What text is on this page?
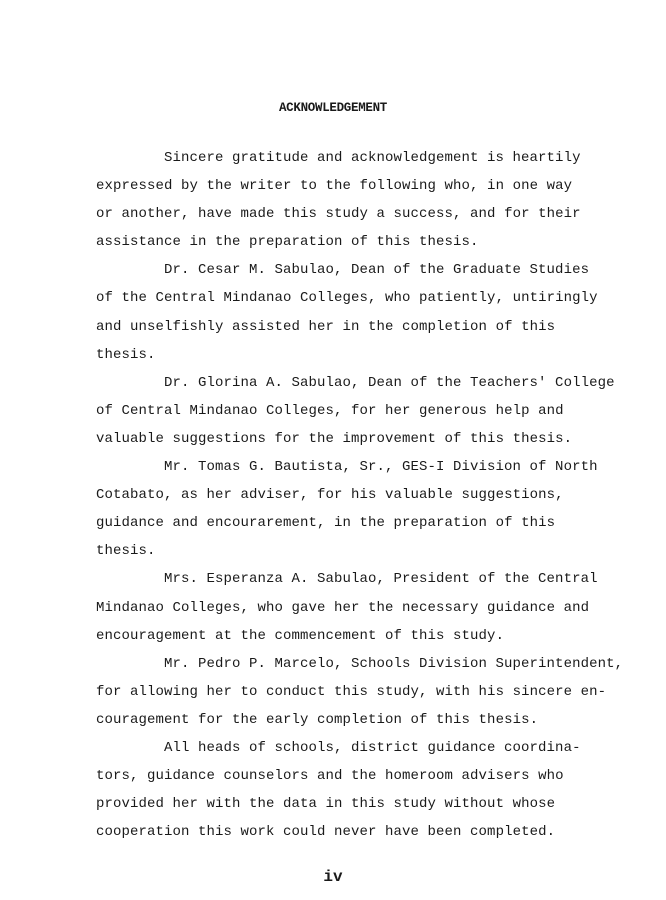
ACKNOWLEDGEMENT

Sincere gratitude and acknowledgement is heartily
expressed by the writer to the following who, in one way
or another, have made this study a success, and for their
assistance in the preparation of this thesis.

Dr. Cesar M. Sabulao, Dean of the Graduate Studies
of the Central Mindanao Colleges, who patiently, untiringly
and unselfishly assisted her in the completion of this
thesis.

Dr. Glorina A. Sabulao, Dean of the Teachers' College
of Central Mindanao Colleges, for her generous help and
valuable suggestions for the improvement of this thesis.

Mr. Tomas G. Bautista, Sr., GES-I Division of North
Cotabato, as her adviser, for his valuable suggestions,
guidance and encourarement, in the preparation of this
thesis.

Mrs. Esperanza A. Sabulao, President of the Central
Mindanao Colleges, who gave her the necessary guidance and
encouragement at the commencement of this study.

Mr. Pedro P. Marcelo, Schools Division Superintendent,
for allowing her to conduct this study, with his sincere en-
couragement for the early completion of this thesis.

All heads of schools, district guidance coordina-
tors, guidance counselors and the homeroom advisers who
provided her with the data in this study without whose
cooperation this work could never have been completed.

iv
